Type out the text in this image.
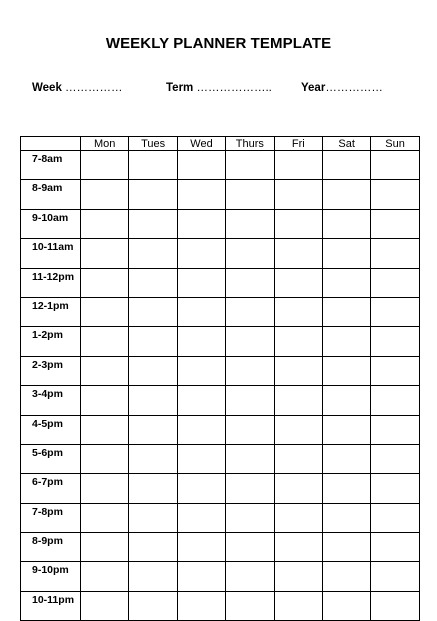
WEEKLY PLANNER TEMPLATE
Week ……………	Term ………………..	Year……………
	Mon	Tues	Wed	Thurs	Fri	Sat	Sun
7-8am							
8-9am							
9-10am							
10-11am							
11-12pm							
12-1pm							
1-2pm							
2-3pm							
3-4pm							
4-5pm							
5-6pm							
6-7pm							
7-8pm							
8-9pm							
9-10pm							
10-11pm							
